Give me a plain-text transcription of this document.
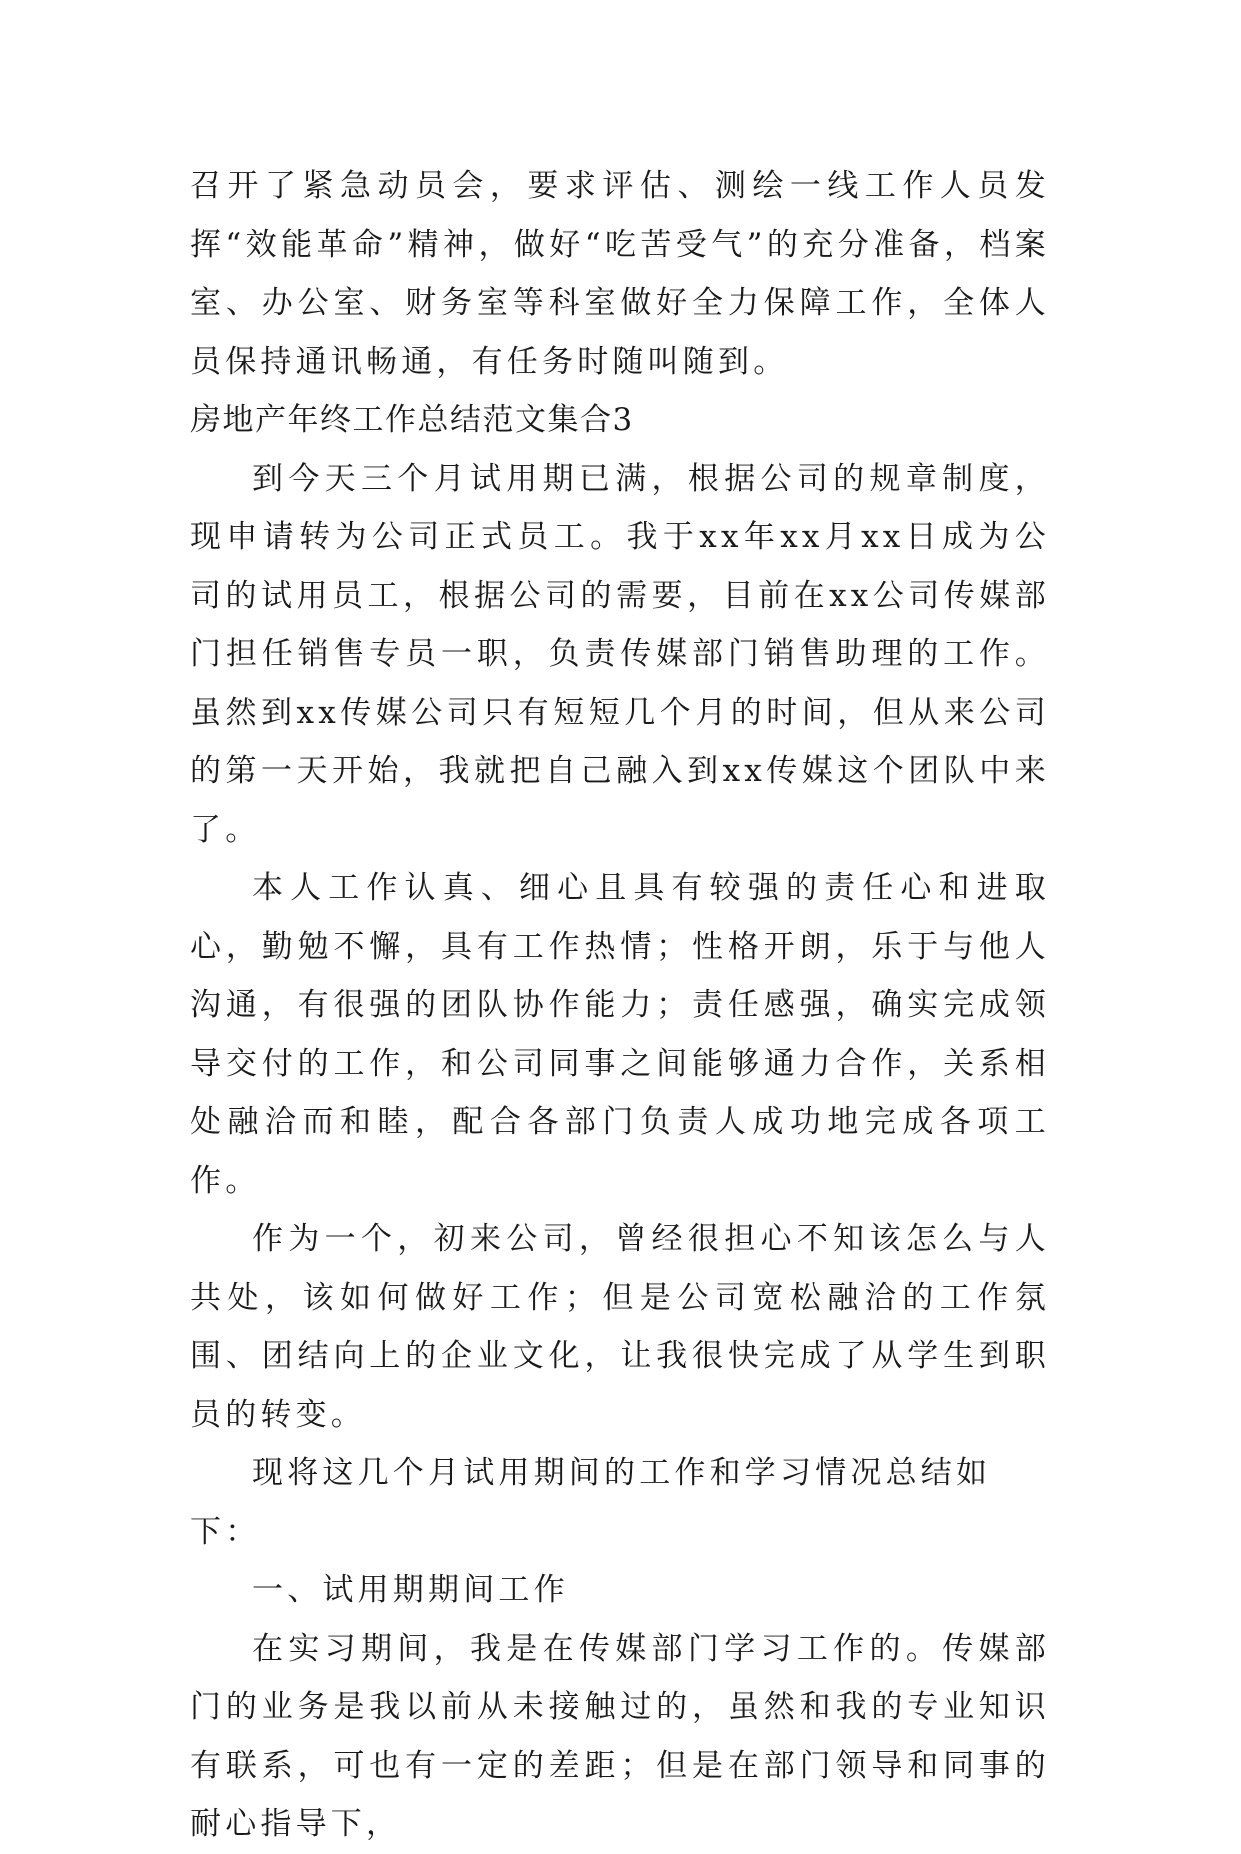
召开了紧急动员会，要求评估、测绘一线工作人员发挥“效能革命”精神，做好“吃苦受气”的充分准备，档案室、办公室、财务室等科室做好全力保障工作，全体人员保持通讯畅通，有任务时随叫随到。

房地产年终工作总结范文集合3

到今天三个月试用期已满，根据公司的规章制度，现申请转为公司正式员工。我于xx年xx月xx日成为公司的试用员工，根据公司的需要，目前在xx公司传媒部门担任销售专员一职，负责传媒部门销售助理的工作。虽然到xx传媒公司只有短短几个月的时间，但从来公司的第一天开始，我就把自己融入到xx传媒这个团队中来了。

本人工作认真、细心且具有较强的责任心和进取心，勤勉不懈，具有工作热情；性格开朗，乐于与他人沟通，有很强的团队协作能力；责任感强，确实完成领导交付的工作，和公司同事之间能够通力合作，关系相处融洽而和睦，配合各部门负责人成功地完成各项工作。

作为一个，初来公司，曾经很担心不知该怎么与人共处，该如何做好工作；但是公司宽松融洽的工作氛围、团结向上的企业文化，让我很快完成了从学生到职员的转变。

现将这几个月试用期间的工作和学习情况总结如下：

一、试用期期间工作

在实习期间，我是在传媒部门学习工作的。传媒部门的业务是我以前从未接触过的，虽然和我的专业知识有联系，可也有一定的差距；但是在部门领导和同事的耐心指导下，
